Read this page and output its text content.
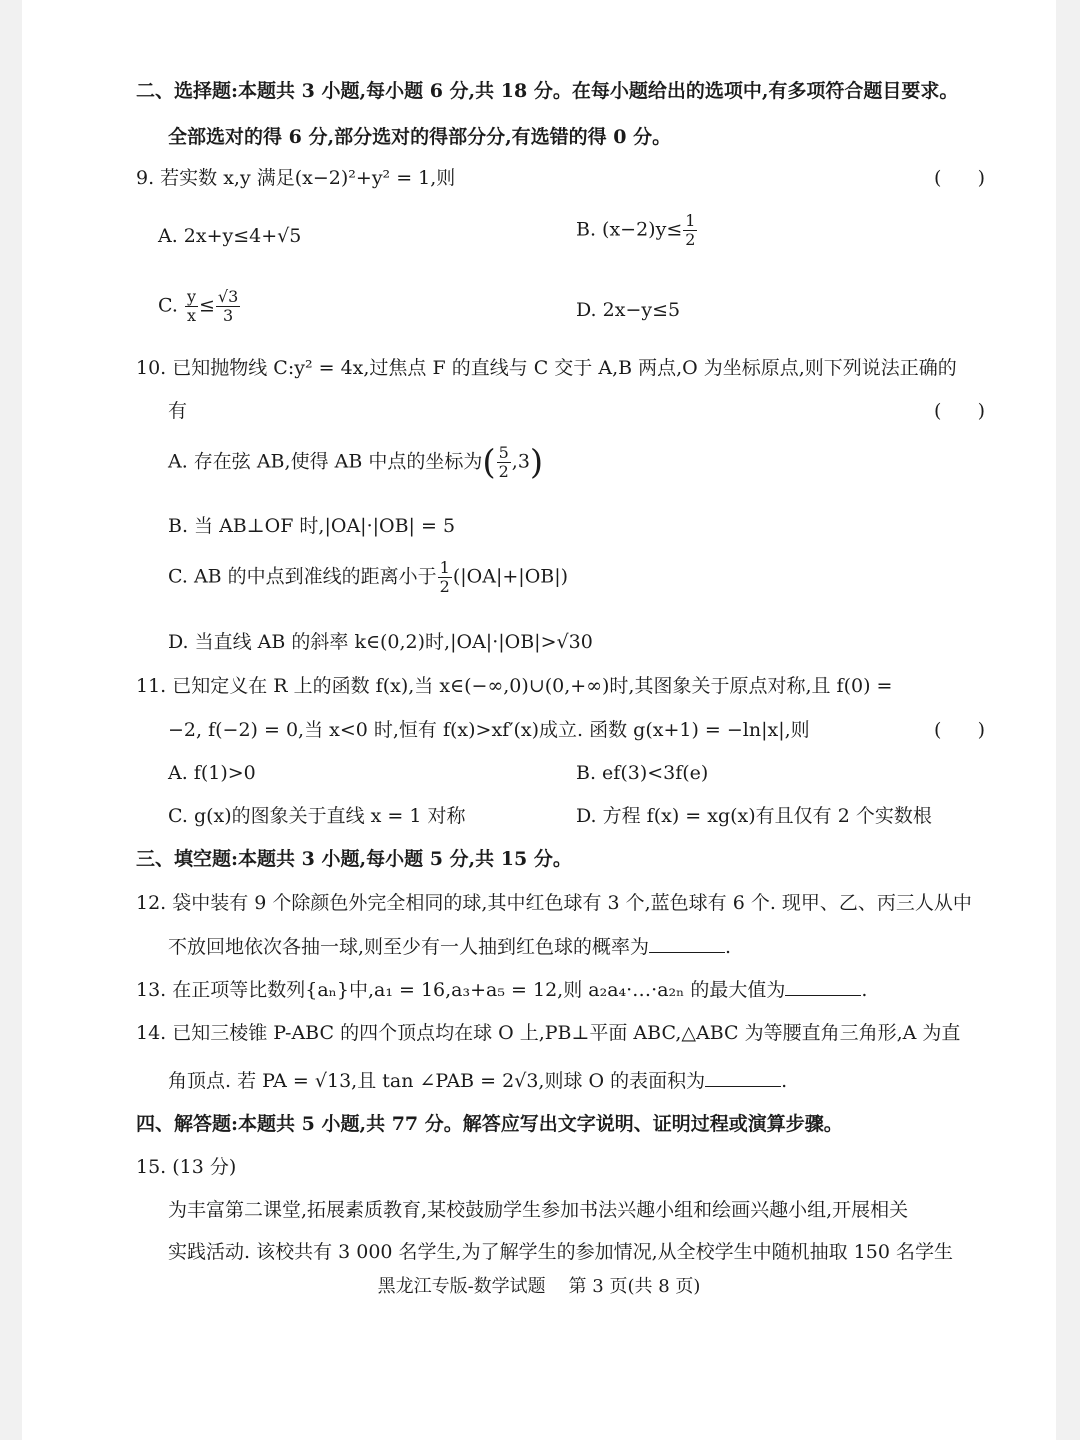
二、选择题:本题共 3 小题,每小题 6 分,共 18 分。在每小题给出的选项中,有多项符合题目要求。
全部选对的得 6 分,部分选对的得部分分,有选错的得 0 分。
9. 若实数 x,y 满足(x−2)²+y² = 1,则	(      )
A. 2x+y≤4+√5	B. $(x-2)y\le \frac{1}{2}$
C. $\frac{y}{x} \le \frac{√3}{3}$	D. 2x−y≤5
10. 已知抛物线 C:y² = 4x,过焦点 F 的直线与 C 交于 A,B 两点,O 为坐标原点,则下列说法正确的
有	(      )
A. 存在弦 AB,使得 AB 中点的坐标为( $\frac{5}{2} ,3$)
B. 当 AB⊥OF 时,|OA|·|OB| = 5
C. AB 的中点到准线的距离小于 $\frac{1}{2} (|OA|+|OB|)$
D. 当直线 AB 的斜率 k∈(0,2)时,|OA|·|OB|>√30
11. 已知定义在 R 上的函数 f(x),当 x∈(−∞,0)∪(0,+∞)时,其图象关于原点对称,且 f(0) =
−2, f(−2) = 0,当 x<0 时,恒有 f(x)>xf′(x)成立. 函数 g(x+1) = −ln|x|,则	(      )
A. f(1)>0	B. ef(3)<3f(e)
C. g(x)的图象关于直线 x = 1 对称	D. 方程 f(x) = xg(x)有且仅有 2 个实数根
三、填空题:本题共 3 小题,每小题 5 分,共 15 分。
12. 袋中装有 9 个除颜色外完全相同的球,其中红色球有 3 个,蓝色球有 6 个. 现甲、乙、丙三人从中
不放回地依次各抽一球,则至少有一人抽到红色球的概率为	.
13. 在正项等比数列{aₙ}中,a₁ = 16,a₃+a₅ = 12,则 a₂a₄·…·a₂ₙ 的最大值为	.
14. 已知三棱锥 P-ABC 的四个顶点均在球 O 上,PB⊥平面 ABC,△ABC 为等腰直角三角形,A 为直
角顶点. 若 PA = √13,且 tan ∠PAB = 2√3,则球 O 的表面积为	.
四、解答题:本题共 5 小题,共 77 分。解答应写出文字说明、证明过程或演算步骤。
15. (13 分)
为丰富第二课堂,拓展素质教育,某校鼓励学生参加书法兴趣小组和绘画兴趣小组,开展相关
实践活动. 该校共有 3 000 名学生,为了解学生的参加情况,从全校学生中随机抽取 150 名学生
黑龙江专版-数学试题    第 3 页(共 8 页)
